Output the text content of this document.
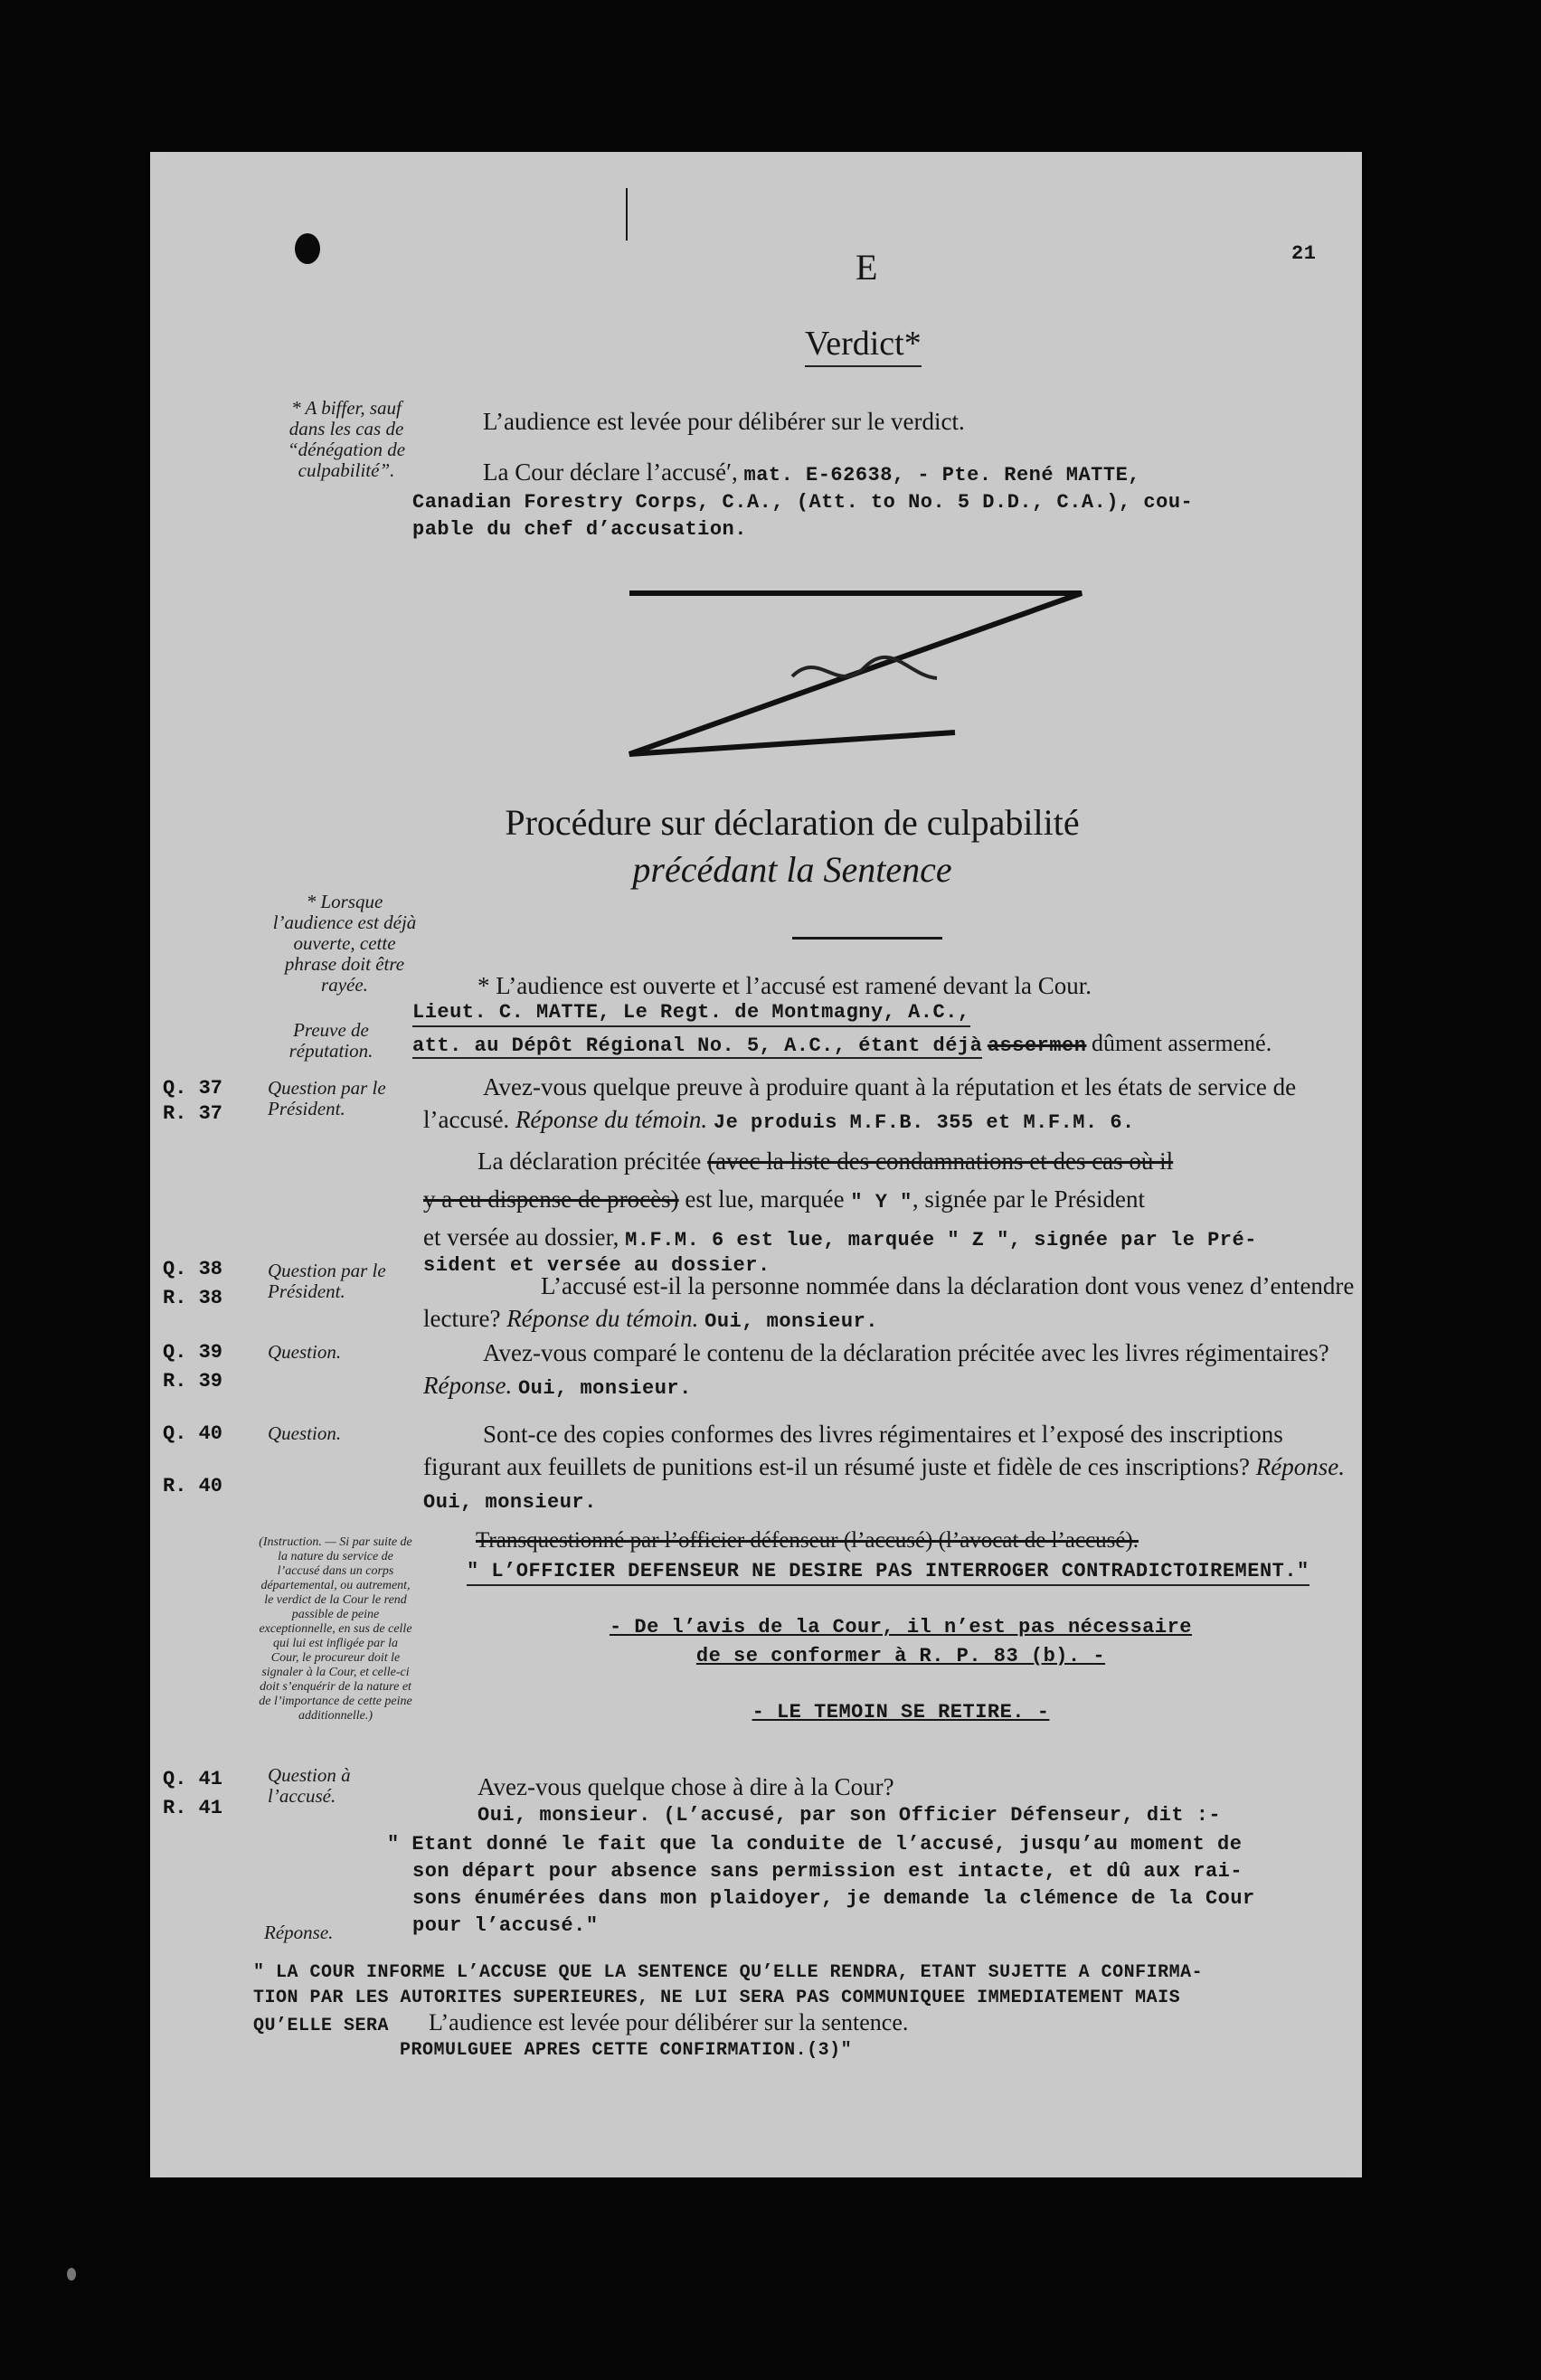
E	21
Verdict*
* A biffer, sauf dans les cas de “dénégation de culpabilité”.
L’audience est levée pour délibérer sur le verdict.
La Cour déclare l’accuséʹ, mat. E-62638, - Pte. René MATTE,
Canadian Forestry Corps, C.A., (Att. to No. 5 D.D., C.A.), cou-
pable du chef d’accusation.
Procédure sur déclaration de culpabilité
précédant la Sentence
* Lorsque l’audience est déjà ouverte, cette phrase doit être rayée.	* L’audience est ouverte et l’accusé est ramené devant la Cour.
Lieut. C. MATTE, Le Regt. de Montmagny, A.C.,
att. au Dépôt Régional No. 5, A.C., étant déjà assermen dûment assermené.
Preuve de réputation.
Q. 37
R. 37
Question par le Président.
Avez-vous quelque preuve à produire quant à la réputation et les états de service de l’accusé. Réponse du témoin. Je produis M.F.B. 355 et M.F.M. 6.
La déclaration précitée (avec la liste des condamnations et des cas où il
y a eu dispense de procès) est lue, marquée " Y ", signée par le Président
et versée au dossier, M.F.M. 6 est lue, marquée " Z ", signée par le Pré-
sident et versée au dossier.
Q. 38
R. 38
Question par le Président.	L’accusé est-il la personne nommée dans la déclaration dont vous venez d’entendre lecture? Réponse du témoin. Oui, monsieur.
Q. 39
R. 39
Question.	Avez-vous comparé le contenu de la déclaration précitée avec les livres régimentaires? Réponse. Oui, monsieur.
Q. 40
R. 40
Question.	Sont-ce des copies conformes des livres régimentaires et l’exposé des inscriptions figurant aux feuillets de punitions est-il un résumé juste et fidèle de ces inscriptions? Réponse. Oui, monsieur.
(Instruction. — Si par suite de la nature du service de l’accusé dans un corps départemental, ou autrement, le verdict de la Cour le rend passible de peine exceptionnelle, en sus de celle qui lui est infligée par la Cour, le procureur doit le signaler à la Cour, et celle-ci doit s’enquérir de la nature et de l’importance de cette peine additionnelle.)
Transquestionné par l’officier défenseur (l’accusé) (l’avocat de l’accusé).
" L’OFFICIER DEFENSEUR NE DESIRE PAS INTERROGER CONTRADICTOIREMENT."
- De l’avis de la Cour, il n’est pas nécessaire
de se conformer à R. P. 83 (b). -
- LE TEMOIN SE RETIRE. -
Q. 41
R. 41
Question à l’accusé.	Avez-vous quelque chose à dire à la Cour?
Oui, monsieur. (L’accusé, par son Officier Défenseur, dit :-
" Etant donné le fait que la conduite de l’accusé, jusqu’au moment de
son départ pour absence sans permission est intacte, et dû aux rai-
sons énumérées dans mon plaidoyer, je demande la clémence de la Cour
pour l’accusé."
Réponse.
" LA COUR INFORME L’ACCUSE QUE LA SENTENCE QU’ELLE RENDRA, ETANT SUJETTE A CONFIRMA-
TION PAR LES AUTORITES SUPERIEURES, NE LUI SERA PAS COMMUNIQUEE IMMEDIATEMENT MAIS
QU’ELLE SERA L’audience est levée pour délibérer sur la sentence.
PROMULGUEE APRES CETTE CONFIRMATION.(3)"
